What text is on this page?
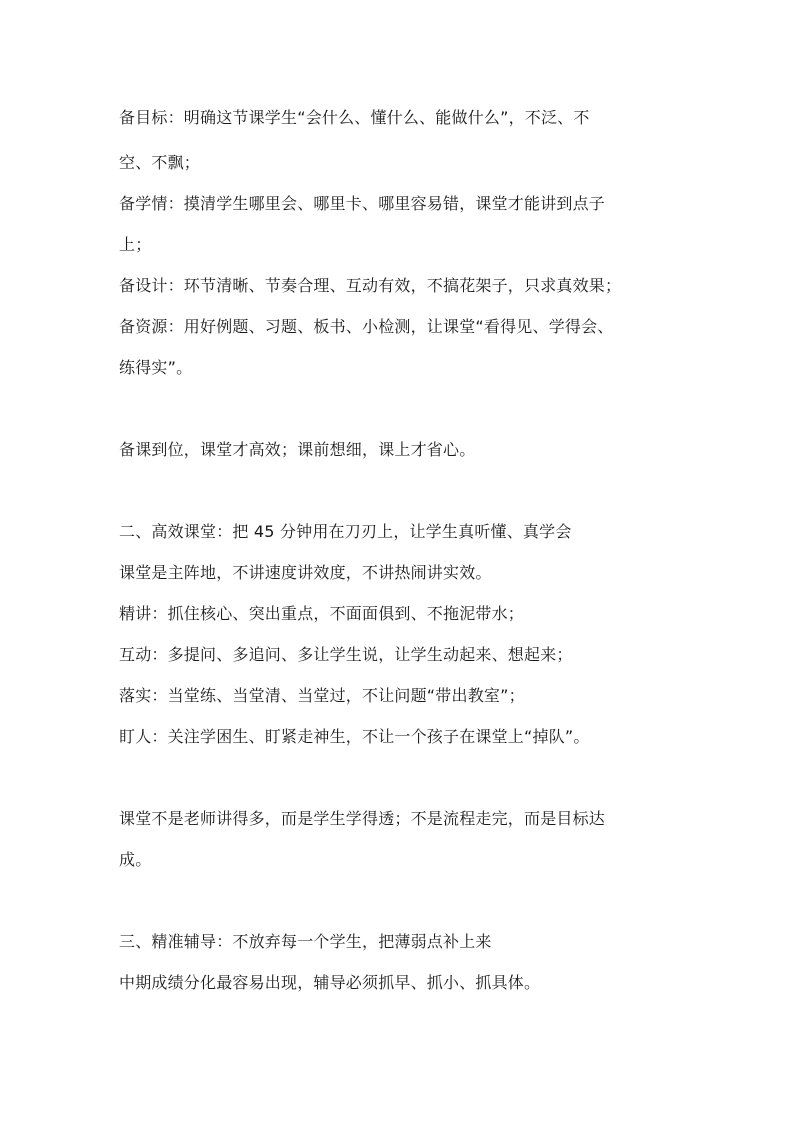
备目标：明确这节课学生“会什么、懂什么、能做什么”，不泛、不
空、不飘；
备学情：摸清学生哪里会、哪里卡、哪里容易错，课堂才能讲到点子
上；
备设计：环节清晰、节奏合理、互动有效，不搞花架子，只求真效果；
备资源：用好例题、习题、板书、小检测，让课堂“看得见、学得会、
练得实”。
备课到位，课堂才高效；课前想细，课上才省心。
二、高效课堂：把 45 分钟用在刀刃上，让学生真听懂、真学会
课堂是主阵地，不讲速度讲效度，不讲热闹讲实效。
精讲：抓住核心、突出重点，不面面俱到、不拖泥带水；
互动：多提问、多追问、多让学生说，让学生动起来、想起来；
落实：当堂练、当堂清、当堂过，不让问题“带出教室”；
盯人：关注学困生、盯紧走神生，不让一个孩子在课堂上“掉队”。
课堂不是老师讲得多，而是学生学得透；不是流程走完，而是目标达
成。
三、精准辅导：不放弃每一个学生，把薄弱点补上来
中期成绩分化最容易出现，辅导必须抓早、抓小、抓具体。
